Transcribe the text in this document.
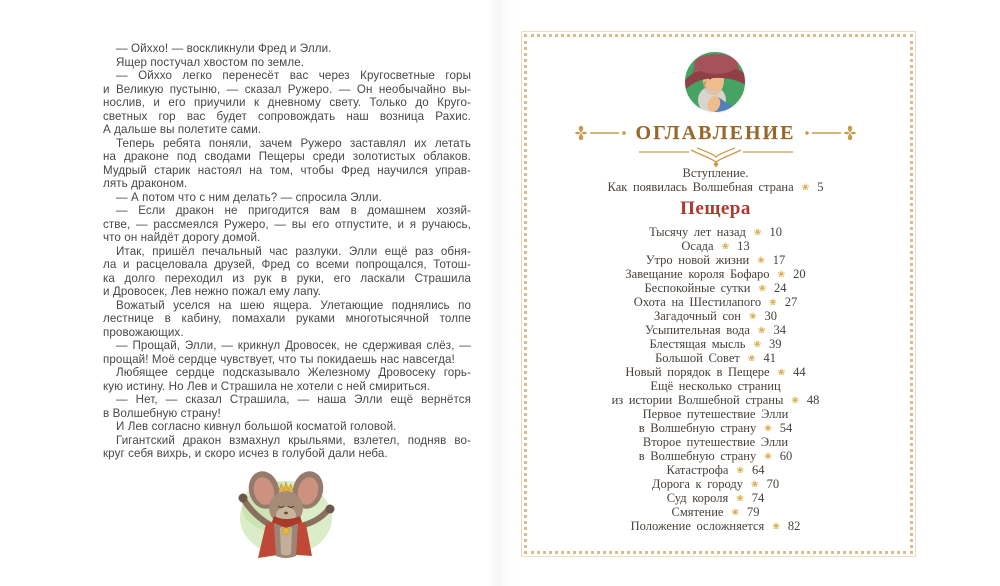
— Ойххо! — воскликнули Фред и Элли.
Ящер постучал хвостом по земле.
— Ойххо легко перенесёт вас через Кругосветные горы
и Великую пустыню, — сказал Ружеро. — Он необычайно вы-
нослив, и его приучили к дневному свету. Только до Круго-
светных гор вас будет сопровождать наш возница Рахис.
А дальше вы полетите сами.
Теперь ребята поняли, зачем Ружеро заставлял их летать
на драконе под сводами Пещеры среди золотистых облаков.
Мудрый старик настоял на том, чтобы Фред научился управ-
лять драконом.
— А потом что с ним делать? — спросила Элли.
— Если дракон не пригодится вам в домашнем хозяй-
стве, — рассмеялся Ружеро, — вы его отпустите, и я ручаюсь,
что он найдёт дорогу домой.
Итак, пришёл печальный час разлуки. Элли ещё раз обня-
ла и расцеловала друзей, Фред со всеми попрощался, Тотош-
ка долго переходил из рук в руки, его ласкали Страшила
и Дровосек, Лев нежно пожал ему лапу.
Вожатый уселся на шею ящера. Улетающие поднялись по
лестнице в кабину, помахали руками многотысячной толпе
провожающих.
— Прощай, Элли, — крикнул Дровосек, не сдерживая слёз, —
прощай! Моё сердце чувствует, что ты покидаешь нас навсегда!
Любящее сердце подсказывало Железному Дровосеку горь-
кую истину. Но Лев и Страшила не хотели с ней смириться.
— Нет, — сказал Страшила, — наша Элли ещё вернётся
в Волшебную страну!
И Лев согласно кивнул большой косматой головой.
Гигантский дракон взмахнул крыльями, взлетел, подняв во-
круг себя вихрь, и скоро исчез в голубой дали неба.
ОГЛАВЛЕНИЕ
Вступление.
Как появилась Волшебная страна ❀ 5
Пещера
Тысячу лет назад ❀ 10
Осада ❀ 13
Утро новой жизни ❀ 17
Завещание короля Бофаро ❀ 20
Беспокойные сутки ❀ 24
Охота на Шестилапого ❀ 27
Загадочный сон ❀ 30
Усыпительная вода ❀ 34
Блестящая мысль ❀ 39
Большой Совет ❀ 41
Новый порядок в Пещере ❀ 44
Ещё несколько страниц
из истории Волшебной страны ❀ 48
Первое путешествие Элли
в Волшебную страну ❀ 54
Второе путешествие Элли
в Волшебную страну ❀ 60
Катастрофа ❀ 64
Дорога к городу ❀ 70
Суд короля ❀ 74
Смятение ❀ 79
Положение осложняется ❀ 82
